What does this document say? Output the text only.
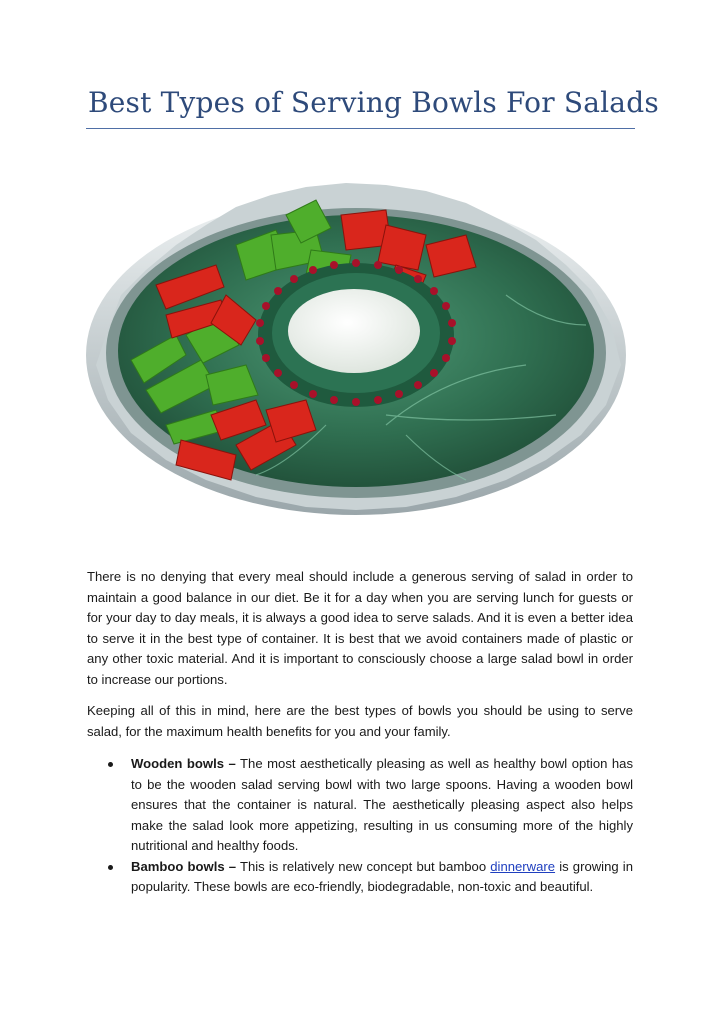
Best Types of Serving Bowls For Salads

There is no denying that every meal should include a generous serving of salad in order to maintain a good balance in our diet. Be it for a day when you are serving lunch for guests or for your day to day meals, it is always a good idea to serve salads. And it is even a better idea to serve it in the best type of container. It is best that we avoid containers made of plastic or any other toxic material. And it is important to consciously choose a large salad bowl in order to increase our portions.

Keeping all of this in mind, here are the best types of bowls you should be using to serve salad, for the maximum health benefits for you and your family.

Wooden bowls – The most aesthetically pleasing as well as healthy bowl option has to be the wooden salad serving bowl with two large spoons. Having a wooden bowl ensures that the container is natural. The aesthetically pleasing aspect also helps make the salad look more appetizing, resulting in us consuming more of the highly nutritional and healthy foods.
Bamboo bowls – This is relatively new concept but bamboo dinnerware is growing in popularity. These bowls are eco-friendly, biodegradable, non-toxic and beautiful.
